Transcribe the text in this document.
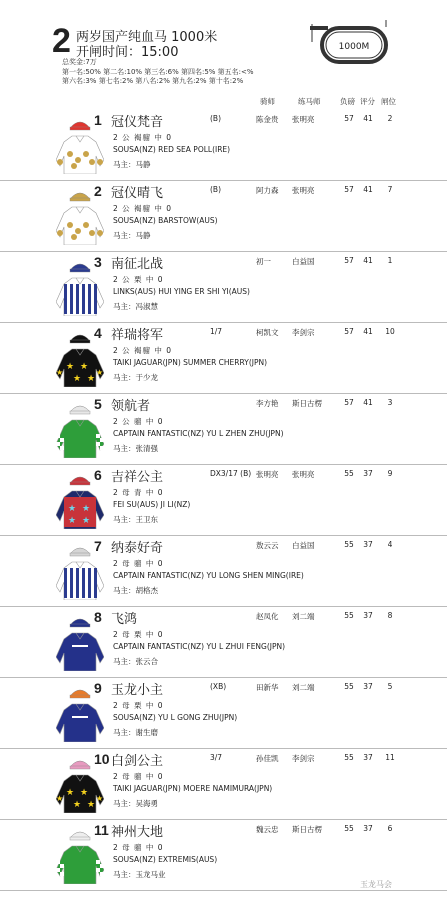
2 两岁国产纯血马 1000米
开闸时间：15:00
总奖金:7万
第一名:50% 第二名:10% 第三名:6% 第四名:5% 第五名:<%
第六名:3% 第七名:2% 第八名:2% 第九名:2% 第十名:2%
1000M
骑师	练马师	负磅 评分 闸位
1 冠仪梵音	(B)	陈金贵	张明亮	57 41	2
2 公 褐骝 中 0
SOUSA(NZ) RED SEA POLL(IRE)
马主：马静
2 冠仪晴飞	(B)	阿力森	张明亮	57 41	7
2 公 褐骝 中 0
SOUSA(NZ) BARSTOW(AUS)
马主：马静
3 南征北战	初一	白益国	57 41	1
2 公 栗 中 0
LINKS(AUS) HUI YING ER SHI YI(AUS)
马主：冯淑慧
★ ★
★ ★
★	★
4 祥瑞将军	1/7	柯凯文	李剑宗	57 41 10
2 公 褐骝 中 0
TAIKI JAGUAR(JPN) SUMMER CHERRY(JPN)
马主：于少龙
5 领航者	李方艳	斯日古楞	57 41	3
2 公 骝 中 0
CAPTAIN FANTASTIC(NZ) YU L ZHEN ZHU(JPN)
马主：张清强
★ ★
★ ★
6 吉祥公主	DX3/17 (B) 张明亮	张明亮	55 37	9
2 母 青 中 0
FEI SU(AUS) JI LI(NZ)
马主：王卫东
7 纳泰好奇	敖云云	白益国	55 37	4
2 母 骝 中 0
CAPTAIN FANTASTIC(NZ) YU LONG SHEN MING(IRE)
马主：胡格杰
8 飞鸿	赵凤化	刘二端	55 37	8
2 母 栗 中 0
CAPTAIN FANTASTIC(NZ) YU L ZHUI FENG(JPN)
马主：张云合
9 玉龙小主	(XB)	田新华	刘二端	55 37	5
2 母 栗 中 0
SOUSA(NZ) YU L GONG ZHU(JPN)
马主：谢生磨
★ ★
★ ★
★	★
10 白剑公主	3/7	孙佳凯	李剑宗	55 37 11
2 母 骝 中 0
TAIKI JAGUAR(JPN) MOERE NAMIMURA(JPN)
马主：吴海勇
11 神州大地	魏云忠	斯日古楞	55 37	6
2 母 骝 中 0
SOUSA(NZ) EXTREMIS(AUS)
马主：玉龙马业
玉龙马会
